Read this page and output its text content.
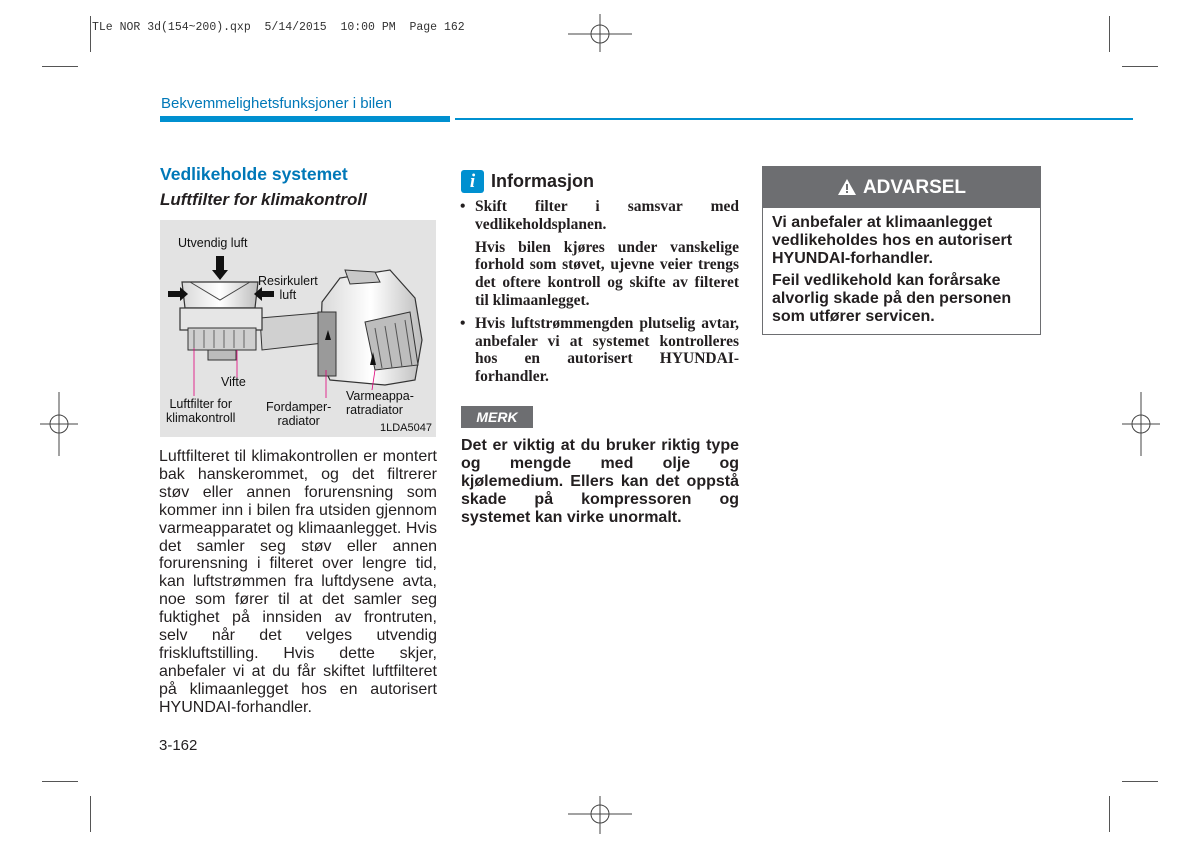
TLe NOR 3d(154~200).qxp  5/14/2015  10:00 PM  Page 162
Bekvemmelighetsfunksjoner i bilen
Vedlikeholde systemet
Luftfilter for klimakontroll
Utvendig luft
Resirkulert
luft
Vifte
Luftfilter for
klimakontroll
Fordamper-
radiator
Varmeappa-
ratradiator
1LDA5047
Luftfilteret til klimakontrollen er montert bak hanskerommet, og det filtrerer støv eller annen forurensning som kommer inn i bilen fra utsiden gjennom varmeapparatet og klimaanlegget. Hvis det samler seg støv eller annen forurensning i filteret over lengre tid, kan luftstrømmen fra luftdysene avta, noe som fører til at det samler seg fuktighet på innsiden av frontruten, selv når det velges utvendig friskluftstilling. Hvis dette skjer, anbefaler vi at du får skiftet luftfilteret på klimaanlegget hos en autorisert HYUNDAI-forhandler.
3-162
i Informasjon

• Skift filter i samsvar med vedlikeholdsplanen.

Hvis bilen kjøres under vanskelige forhold som støvet, ujevne veier trengs det oftere kontroll og skifte av filteret til klimaanlegget.

• Hvis luftstrømmengden plutselig avtar, anbefaler vi at systemet kontrolleres hos en autorisert HYUNDAI-forhandler.

MERK
Det er viktig at du bruker riktig type og mengde med olje og kjølemedium. Ellers kan det oppstå skade på kompressoren og systemet kan virke unormalt.
ADVARSEL

Vi anbefaler at klimaanlegget vedlikeholdes hos en autorisert HYUNDAI-forhandler.

Feil vedlikehold kan forårsake alvorlig skade på den personen som utfører servicen.
